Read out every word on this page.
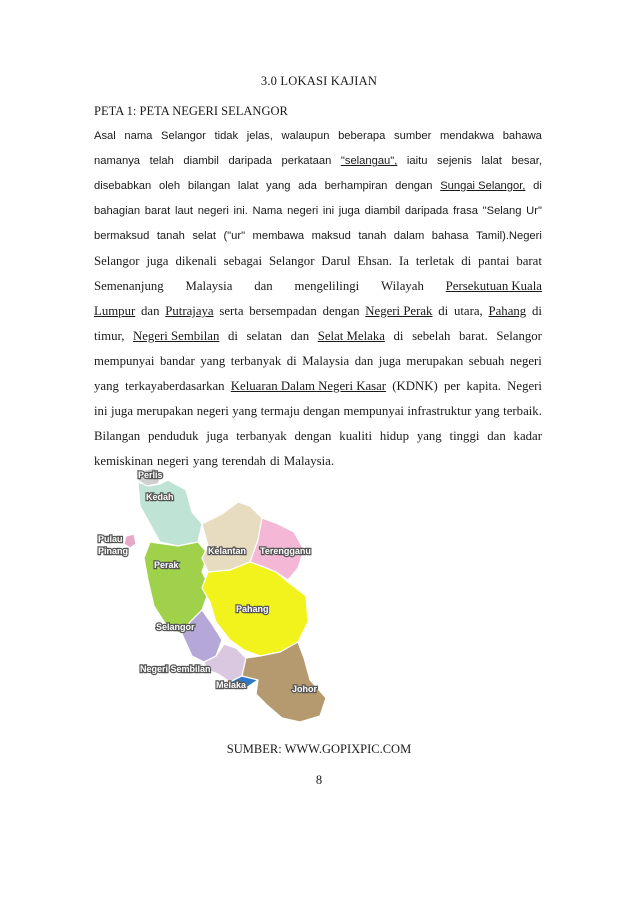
3.0 LOKASI KAJIAN
PETA 1: PETA NEGERI SELANGOR
Asal nama Selangor tidak jelas, walaupun beberapa sumber mendakwa bahawa
namanya telah diambil daripada perkataan "selangau", iaitu sejenis lalat besar,
disebabkan oleh bilangan lalat yang ada berhampiran dengan Sungai Selangor, di
bahagian barat laut negeri ini. Nama negeri ini juga diambil daripada frasa "Selang Ur"
bermaksud tanah selat ("ur" membawa maksud tanah dalam bahasa Tamil).Negeri
Selangor juga dikenali sebagai Selangor Darul Ehsan. Ia terletak di pantai barat
Semenanjung Malaysia dan mengelilingi Wilayah Persekutuan Kuala
Lumpur dan Putrajaya serta bersempadan dengan Negeri Perak di utara, Pahang di
timur, Negeri Sembilan di selatan dan Selat Melaka di sebelah barat. Selangor
mempunyai bandar yang terbanyak di Malaysia dan juga merupakan sebuah negeri
yang terkayaberdasarkan Keluaran Dalam Negeri Kasar (KDNK) per kapita. Negeri
ini juga merupakan negeri yang termaju dengan mempunyai infrastruktur yang terbaik.
Bilangan penduduk juga terbanyak dengan kualiti hidup yang tinggi dan kadar
kemiskinan negeri yang terendah di Malaysia.
Perlis
Kedah
Pulau
Pinang	Kelantan Terengganu
Perak
Pahang
Selangor
Negeri Sembilan
Melaka	Johor
SUMBER: WWW.GOPIXPIC.COM
8
